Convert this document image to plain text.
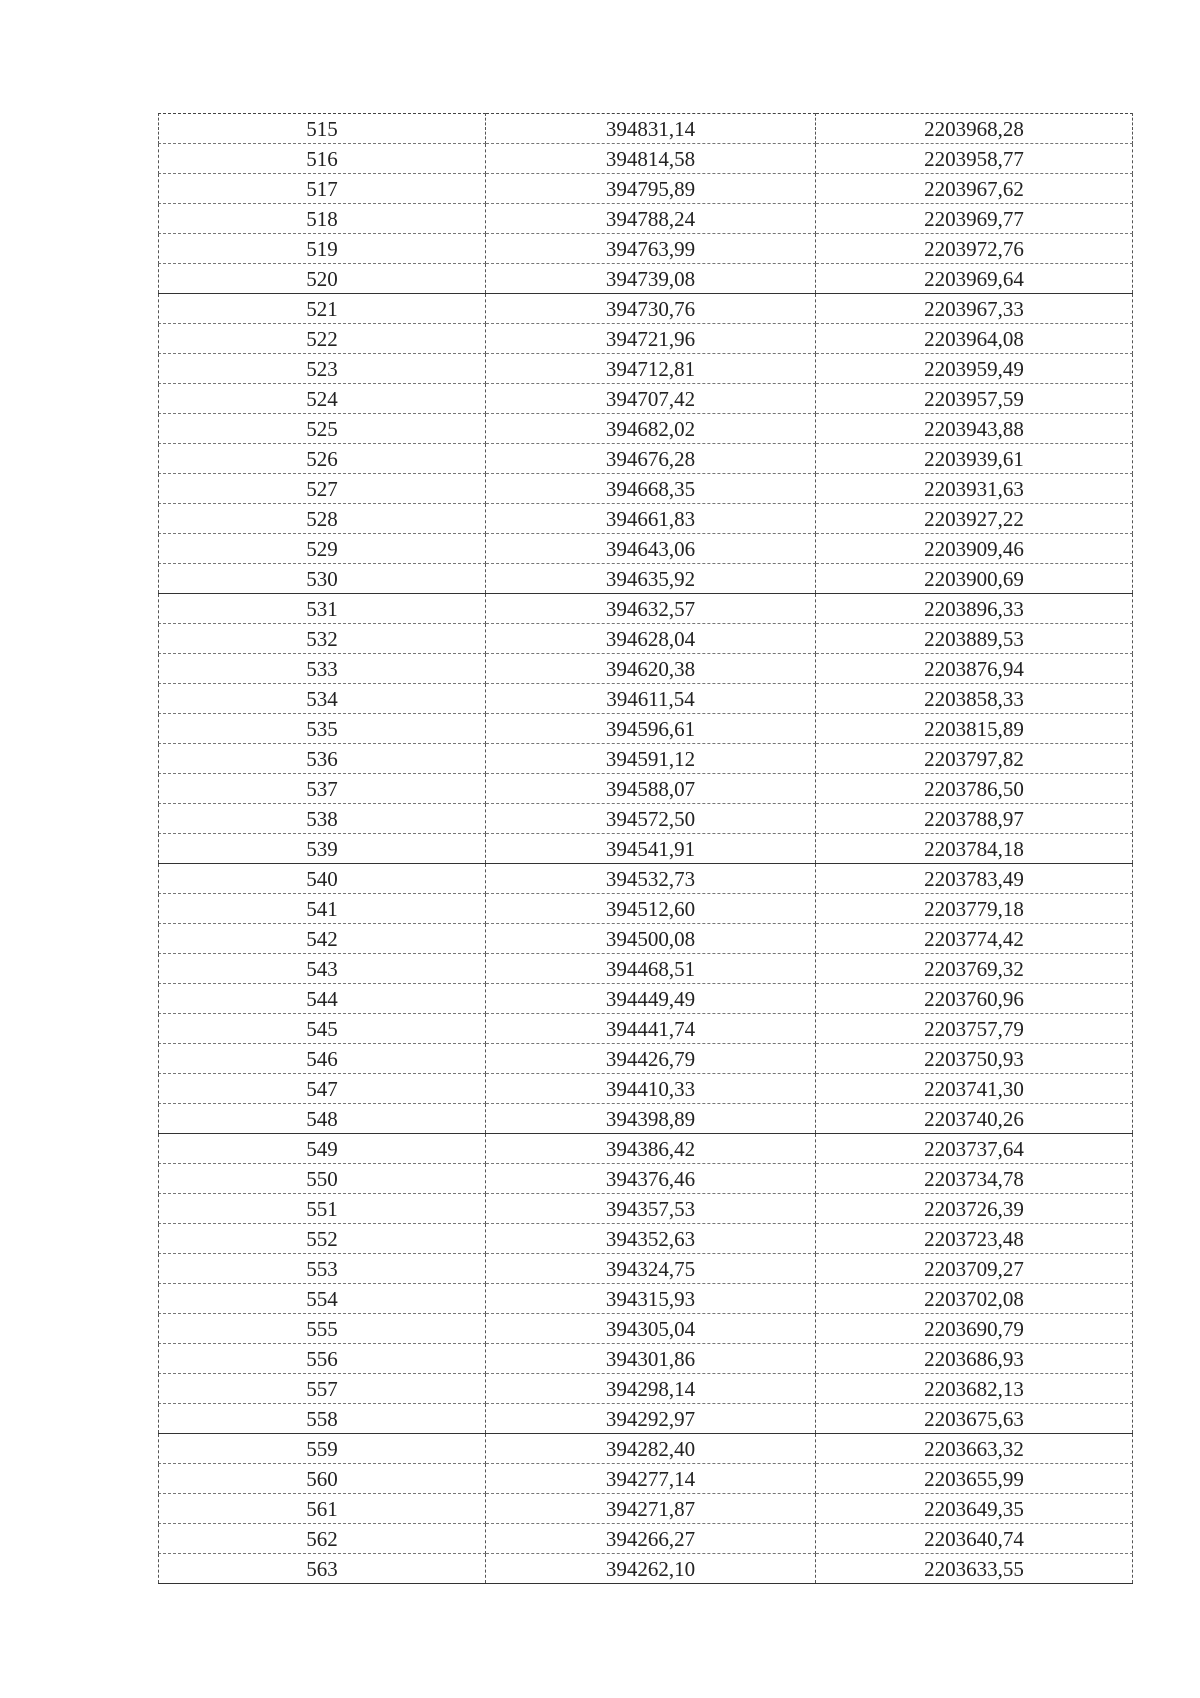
515	394831,14	2203968,28
516	394814,58	2203958,77
517	394795,89	2203967,62
518	394788,24	2203969,77
519	394763,99	2203972,76
520	394739,08	2203969,64
521	394730,76	2203967,33
522	394721,96	2203964,08
523	394712,81	2203959,49
524	394707,42	2203957,59
525	394682,02	2203943,88
526	394676,28	2203939,61
527	394668,35	2203931,63
528	394661,83	2203927,22
529	394643,06	2203909,46
530	394635,92	2203900,69
531	394632,57	2203896,33
532	394628,04	2203889,53
533	394620,38	2203876,94
534	394611,54	2203858,33
535	394596,61	2203815,89
536	394591,12	2203797,82
537	394588,07	2203786,50
538	394572,50	2203788,97
539	394541,91	2203784,18
540	394532,73	2203783,49
541	394512,60	2203779,18
542	394500,08	2203774,42
543	394468,51	2203769,32
544	394449,49	2203760,96
545	394441,74	2203757,79
546	394426,79	2203750,93
547	394410,33	2203741,30
548	394398,89	2203740,26
549	394386,42	2203737,64
550	394376,46	2203734,78
551	394357,53	2203726,39
552	394352,63	2203723,48
553	394324,75	2203709,27
554	394315,93	2203702,08
555	394305,04	2203690,79
556	394301,86	2203686,93
557	394298,14	2203682,13
558	394292,97	2203675,63
559	394282,40	2203663,32
560	394277,14	2203655,99
561	394271,87	2203649,35
562	394266,27	2203640,74
563	394262,10	2203633,55
